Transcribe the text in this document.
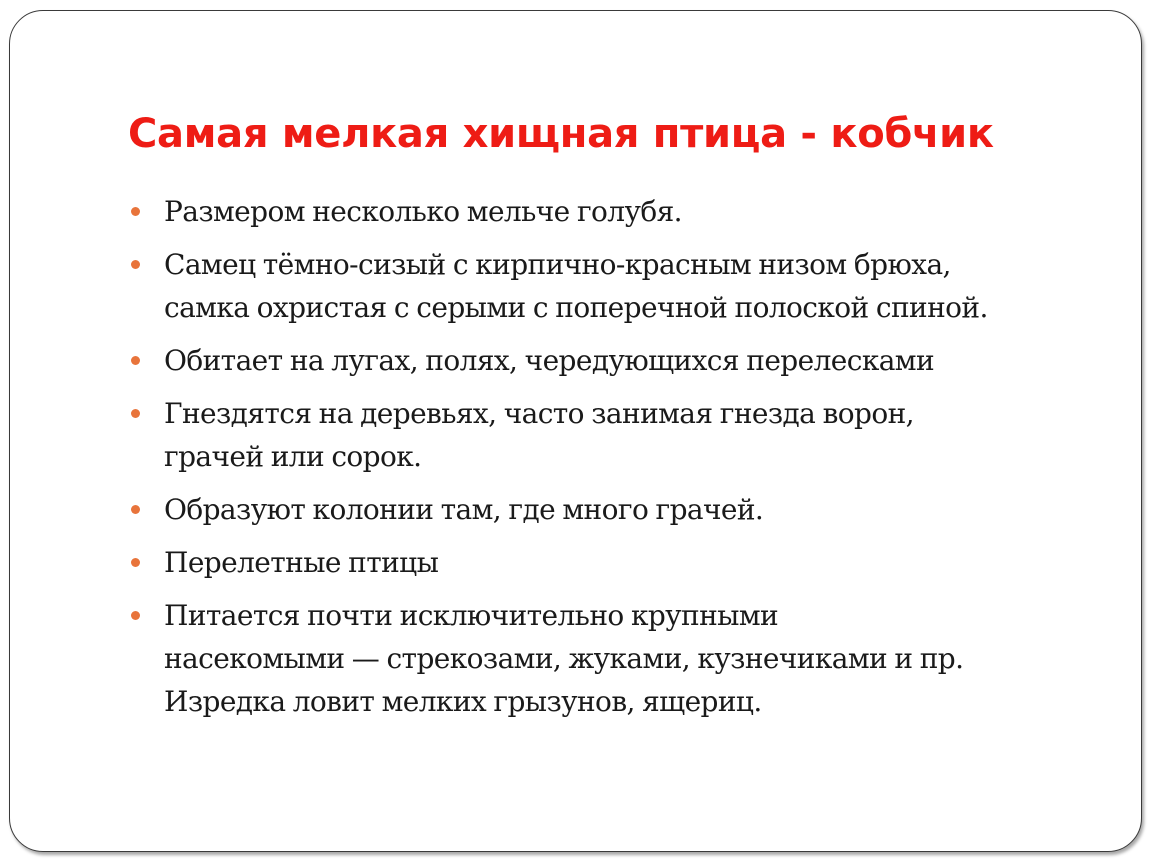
Самая мелкая хищная птица - кобчик
Размером несколько мельче голубя.
Самец тёмно-сизый с кирпично-красным низом брюха,
самка охристая с серыми с поперечной полоской спиной.
Обитает на лугах, полях, чередующихся перелесками
Гнездятся на деревьях, часто занимая гнезда ворон,
грачей или сорок.
Образуют колонии там, где много грачей.
Перелетные птицы
Питается почти исключительно крупными
насекомыми — стрекозами, жуками, кузнечиками и пр.
Изредка ловит мелких грызунов, ящериц.
